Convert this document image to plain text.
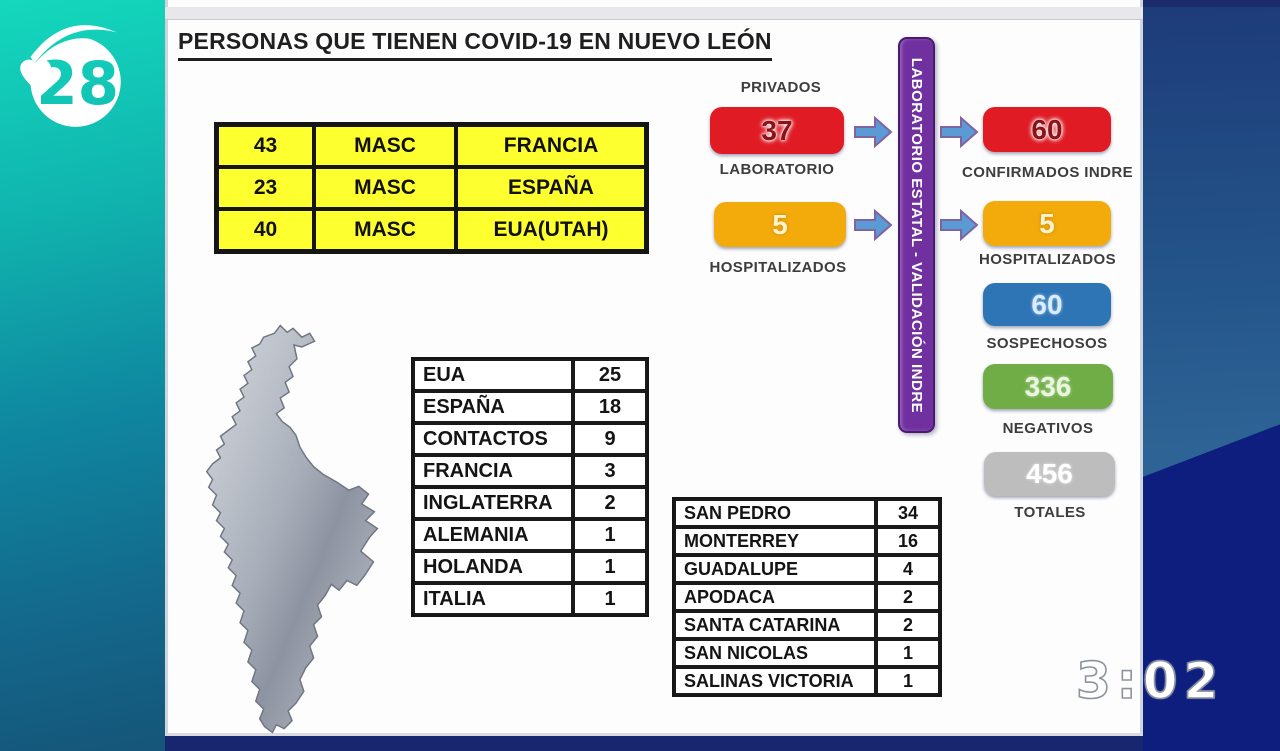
PERSONAS QUE TIENEN COVID-19 EN NUEVO LEÓN
43	MASC	FRANCIA
23	MASC	ESPAÑA
40	MASC	EUA(UTAH)
EUA	25
ESPAÑA	18
CONTACTOS	9
FRANCIA	3
INGLATERRA	2
ALEMANIA	1
HOLANDA	1
ITALIA	1
SAN PEDRO	34
MONTERREY	16
GUADALUPE	4
APODACA	2
SANTA CATARINA	2
SAN NICOLAS	1
SALINAS VICTORIA	1
PRIVADOS
37
LABORATORIO
5
HOSPITALIZADOS	LABORATORIO ESTATAL - VALIDACIÓN INDRE	60
CONFIRMADOS INDRE
5
HOSPITALIZADOS
60
SOSPECHOSOS
336
NEGATIVOS
456
TOTALES
3:02
